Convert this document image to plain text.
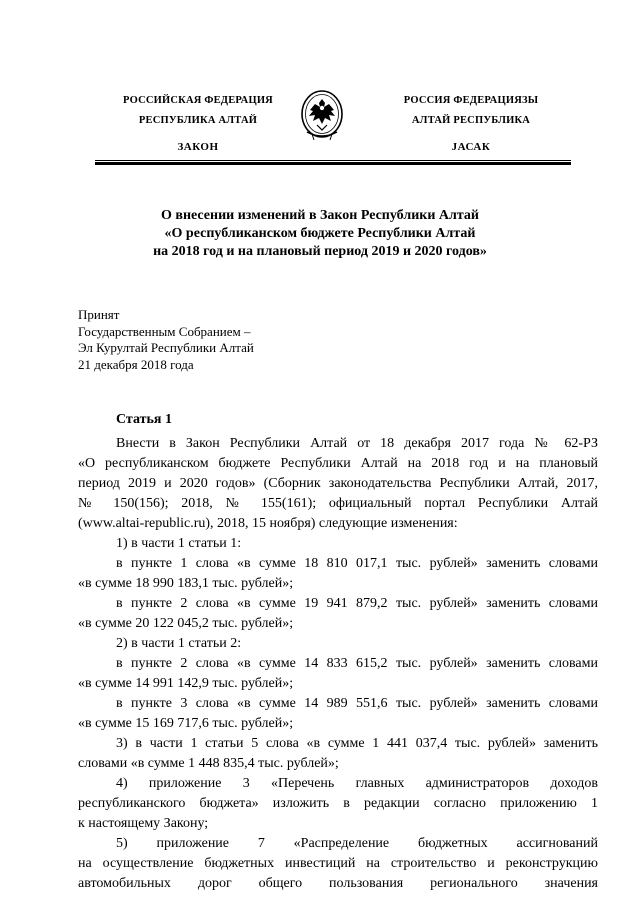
РОССИЙСКАЯ ФЕДЕРАЦИЯ
РЕСПУБЛИКА АЛТАЙ
ЗАКОН
РОССИЯ ФЕДЕРАЦИЯЗЫ
АЛТАЙ РЕСПУБЛИКА
JАСАК
О внесении изменений в Закон Республики Алтай
«О республиканском бюджете Республики Алтай
на 2018 год и на плановый период 2019 и 2020 годов»
Принят
Государственным Собранием –
Эл Курултай Республики Алтай
21 декабря 2018 года
Статья 1

Внести в Закон Республики Алтай от 18 декабря 2017 года № 62-РЗ

«О республиканском бюджете Республики Алтай на 2018 год и на плановый

период 2019 и 2020 годов» (Сборник законодательства Республики Алтай, 2017,

№ 150(156); 2018, № 155(161); официальный портал Республики Алтай

(www.altai-republic.ru), 2018, 15 ноября) следующие изменения:

1) в части 1 статьи 1:

в пункте 1 слова «в сумме 18 810 017,1 тыс. рублей» заменить словами

«в сумме 18 990 183,1 тыс. рублей»;

в пункте 2 слова «в сумме 19 941 879,2 тыс. рублей» заменить словами

«в сумме 20 122 045,2 тыс. рублей»;

2) в части 1 статьи 2:

в пункте 2 слова «в сумме 14 833 615,2 тыс. рублей» заменить словами

«в сумме 14 991 142,9 тыс. рублей»;

в пункте 3 слова «в сумме 14 989 551,6 тыс. рублей» заменить словами

«в сумме 15 169 717,6 тыс. рублей»;

3) в части 1 статьи 5 слова «в сумме 1 441 037,4 тыс. рублей» заменить

словами «в сумме 1 448 835,4 тыс. рублей»;

4) приложение 3 «Перечень главных администраторов доходов

республиканского бюджета» изложить в редакции согласно приложению 1

к настоящему Закону;

5) приложение 7 «Распределение бюджетных ассигнований

на осуществление бюджетных инвестиций на строительство и реконструкцию

автомобильных дорог общего пользования регионального значения
